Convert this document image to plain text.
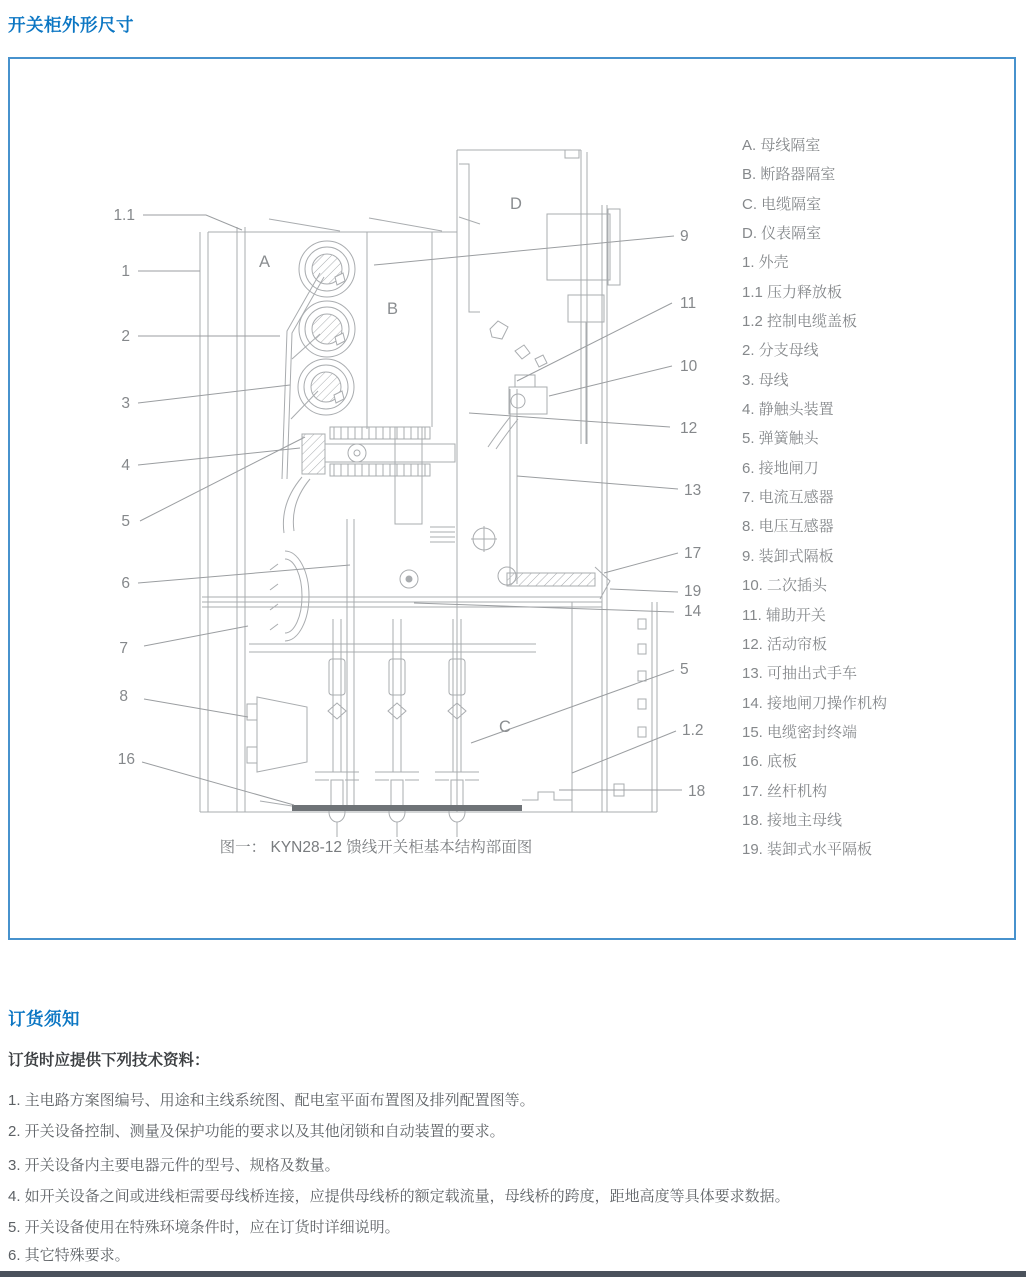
开关柜外形尺寸
1.1
1
2
3
4
5
6
7
8
16
9
11
10
12
13
17
19
14
5
1.2
18
A
B
C
D
A. 母线隔室
B. 断路器隔室
C. 电缆隔室
D. 仪表隔室
1. 外壳
1.1 压力释放板
1.2 控制电缆盖板
2. 分支母线
3. 母线
4. 静触头装置
5. 弹簧触头
6. 接地闸刀
7. 电流互感器
8. 电压互感器
9. 装卸式隔板
10. 二次插头
11. 辅助开关
12. 活动帘板
13. 可抽出式手车
14. 接地闸刀操作机构
15. 电缆密封终端
16. 底板
17. 丝杆机构
18. 接地主母线
19. 装卸式水平隔板
图一： KYN28-12 馈线开关柜基本结构部面图
订货须知
订货时应提供下列技术资料：
1. 主电路方案图编号、用途和主线系统图、配电室平面布置图及排列配置图等。
2. 开关设备控制、测量及保护功能的要求以及其他闭锁和自动装置的要求。
3. 开关设备内主要电器元件的型号、规格及数量。
4. 如开关设备之间或进线柜需要母线桥连接，应提供母线桥的额定载流量，母线桥的跨度，距地高度等具体要求数据。
5. 开关设备使用在特殊环境条件时，应在订货时详细说明。
6. 其它特殊要求。
